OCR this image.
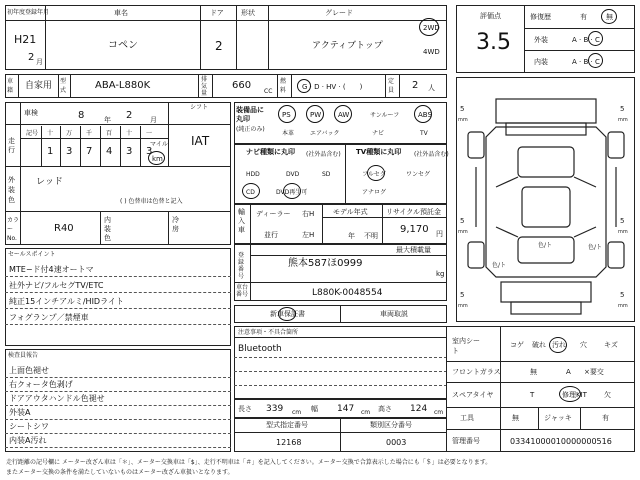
初年度登録年月
H21
2 月
車名
コペン
ドア
2
形状	グレード
アクティブトップ
2WD
4WD
車籍 自家用 型式	ABA-L880K
排気量
660
CC
燃料 G · D · HV · (　　)
定員 2 人
車検	8	年 2	月
シフト
IAT
走行
記号 十 万 千 百 十 一
1 3 7 4 3 3
マイル
km
外装色
レッド
( ) 色替車は色替と記入
カラーNo.
R40
内装色
冷房
装備品に丸印
(純正のみ)
PS	PW AW	サンルーフ	ABS
本革	エアバック	ナビ	TV
ナビ種類に丸印 (社外品含む) TV種類に丸印 (社外品含む)
HDD	DVD	SD
CD	DVD再生可
フルセグ	ワンセグ
アナログ
輸入車
ディーラー
並行
右H
左H
モデル年式
年 不明
リサイクル預託金
9,170 円
最大積載量
kg
登録番号
熊本587ほ0999
車台番号	L880K-0048554
新車保証書	車両取説
注意事項・不具合箇所
Bluetooth
セールスポイント
MTE−ド付4速オートマ
社外ナビ/フルセグTV/ETC
純正15インチアルミ/HIDライト
フォグランプ／禁煙車
検査員報告
上面色褪せ
右クォータ色剥げ
ドアアウタハンドル色褪せ
外装A
シートシワ
内装A汚れ
長さ 339 cm 幅 147 cm 高さ 124 cm
型式指定番号
12168
類別区分番号
0003
評価点
3.5
修復歴	有	無
外装	A · B · C
内装	A · B · C
5	5
5	5
5	5
mm	mm
mm	mm
mm	mm
色/ト	色/ト
色/ト
室内シート
コゲ 破れ 汚れ 穴 キズ
フロントガラス	無	A ×要交
スペアタイヤ	T	修理KIT 欠
工具	無	ジャッキ	有
管理番号	03341000010000000516
走行距離の記号欄に メーター改ざん車は「＊」、メーター交換車は「$」、走行不明車は「＃」を記入してください。メーター交換で合算表示した場合にも「＄」は必要となります。
またメーター交換の条件を満たしていないものはメーター改ざん車扱いとなります。
